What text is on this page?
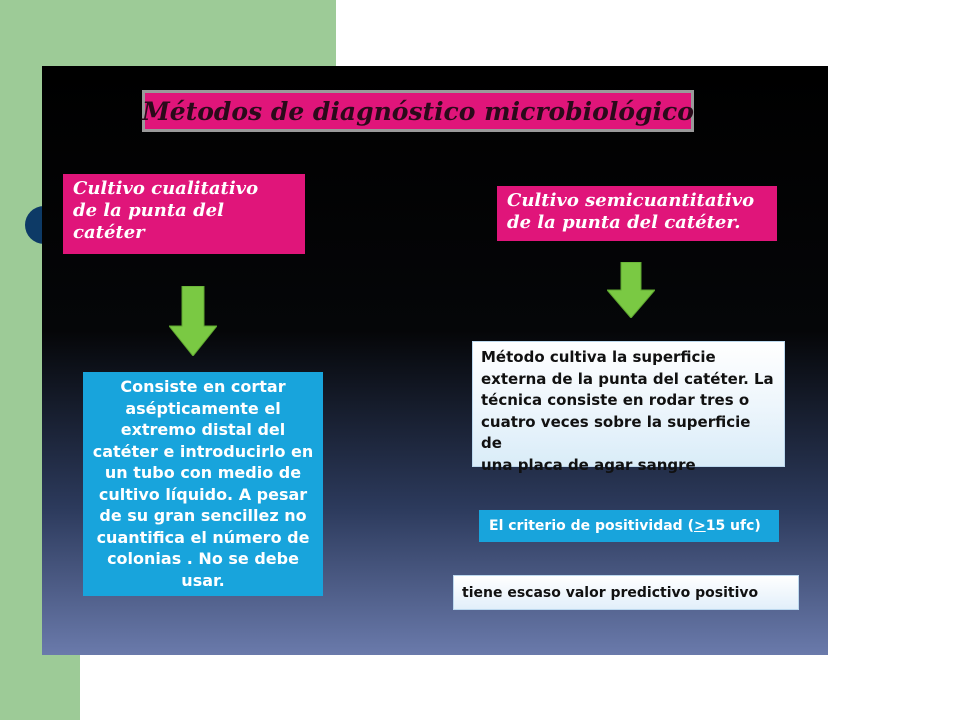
Métodos de diagnóstico microbiológico
Cultivo cualitativo
de la punta del
catéter
Consiste en cortar
asépticamente el
extremo distal del
catéter e introducirlo en
un tubo con medio de
cultivo líquido. A pesar
de su gran sencillez no
cuantifica el número de
colonias . No se debe usar.
Cultivo semicuantitativo
de la punta del catéter.
Método cultiva la superficie
externa de la punta del catéter. La
técnica consiste en rodar tres o
cuatro veces sobre la superficie de
una placa de agar sangre
El criterio de positividad (>15 ufc)
tiene escaso valor predictivo positivo
